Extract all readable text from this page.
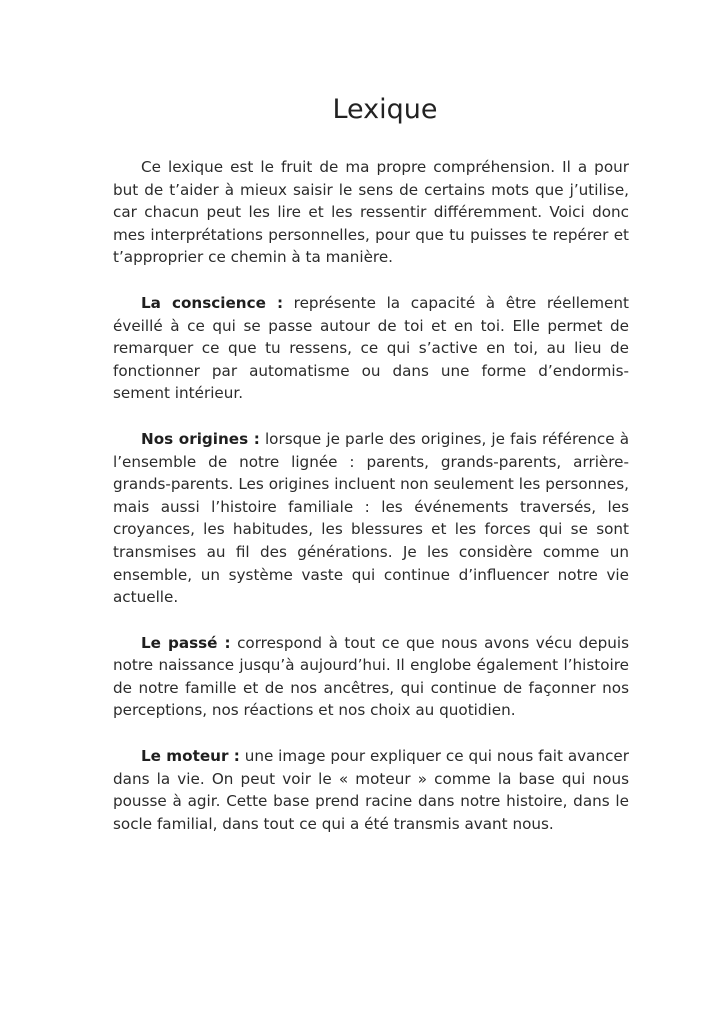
Lexique

Ce lexique est le fruit de ma propre compréhension. Il a pour but de t’aider à mieux saisir le sens de certains mots que j’utilise, car chacun peut les lire et les ressentir différemment. Voici donc mes interprétations personnelles, pour que tu puisses te repérer et t’approprier ce chemin à ta manière.

La conscience : représente la capacité à être réellement éveillé à ce qui se passe autour de toi et en toi. Elle permet de remarquer ce que tu ressens, ce qui s’active en toi, au lieu de fonctionner par automatisme ou dans une forme d’endormissement intérieur.

Nos origines : lorsque je parle des origines, je fais référence à l’ensemble de notre lignée : parents, grands-parents, arrière-grands-parents. Les origines incluent non seulement les personnes, mais aussi l’histoire familiale : les événements traversés, les croyances, les habitudes, les blessures et les forces qui se sont transmises au fil des générations. Je les considère comme un ensemble, un système vaste qui continue d’influencer notre vie actuelle.

Le passé : correspond à tout ce que nous avons vécu depuis notre naissance jusqu’à aujourd’hui. Il englobe également l’histoire de notre famille et de nos ancêtres, qui continue de façonner nos perceptions, nos réactions et nos choix au quotidien.

Le moteur : une image pour expliquer ce qui nous fait avancer dans la vie. On peut voir le « moteur » comme la base qui nous pousse à agir. Cette base prend racine dans notre histoire, dans le socle familial, dans tout ce qui a été transmis avant nous.
